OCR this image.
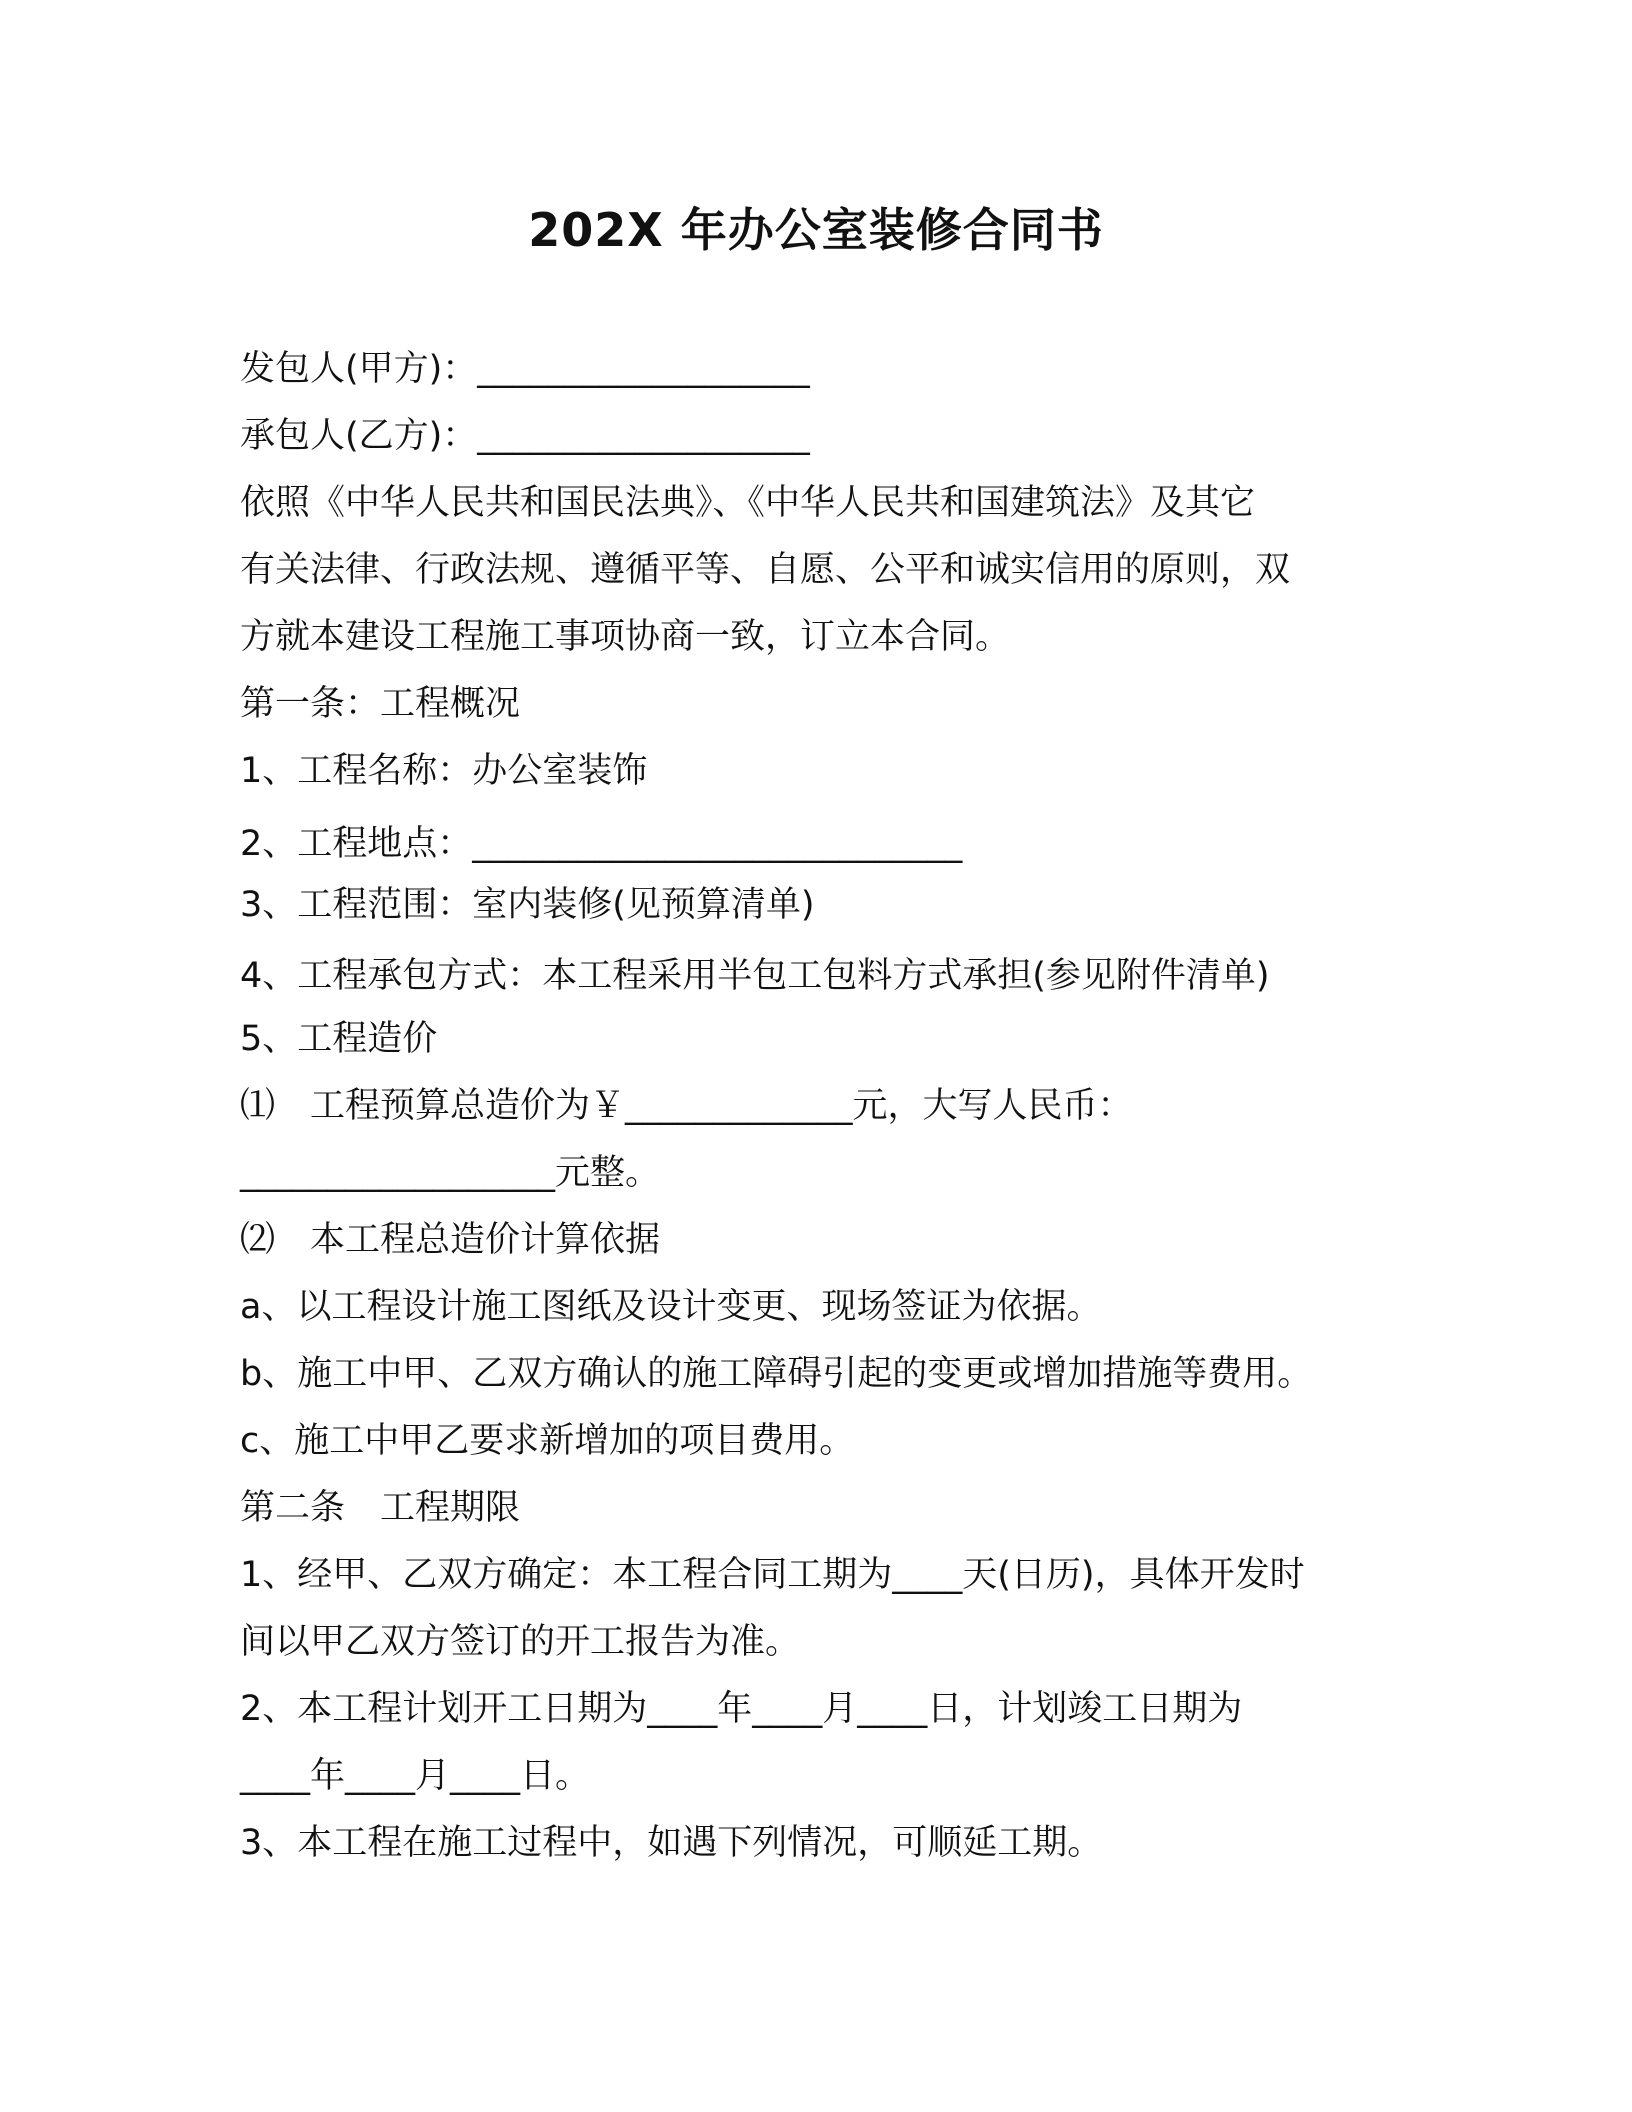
202X 年办公室装修合同书
发包人(甲方)：___________________
承包人(乙方)：___________________
依照《中华人民共和国民法典》、《中华人民共和国建筑法》及其它
有关法律、行政法规、遵循平等、自愿、公平和诚实信用的原则，双
方就本建设工程施工事项协商一致，订立本合同。
第一条：工程概况
1、工程名称：办公室装饰
2、工程地点：____________________________
3、工程范围：室内装修(见预算清单)
4、工程承包方式：本工程采用半包工包料方式承担(参见附件清单)
5、工程造价
⑴　工程预算总造价为￥_____________元，大写人民币：
__________________元整。
⑵　本工程总造价计算依据
a、以工程设计施工图纸及设计变更、现场签证为依据。
b、施工中甲、乙双方确认的施工障碍引起的变更或增加措施等费用。
c、施工中甲乙要求新增加的项目费用。
第二条　工程期限
1、经甲、乙双方确定：本工程合同工期为____天(日历)，具体开发时
间以甲乙双方签订的开工报告为准。
2、本工程计划开工日期为____年____月____日，计划竣工日期为
____年____月____日。
3、本工程在施工过程中，如遇下列情况，可顺延工期。
